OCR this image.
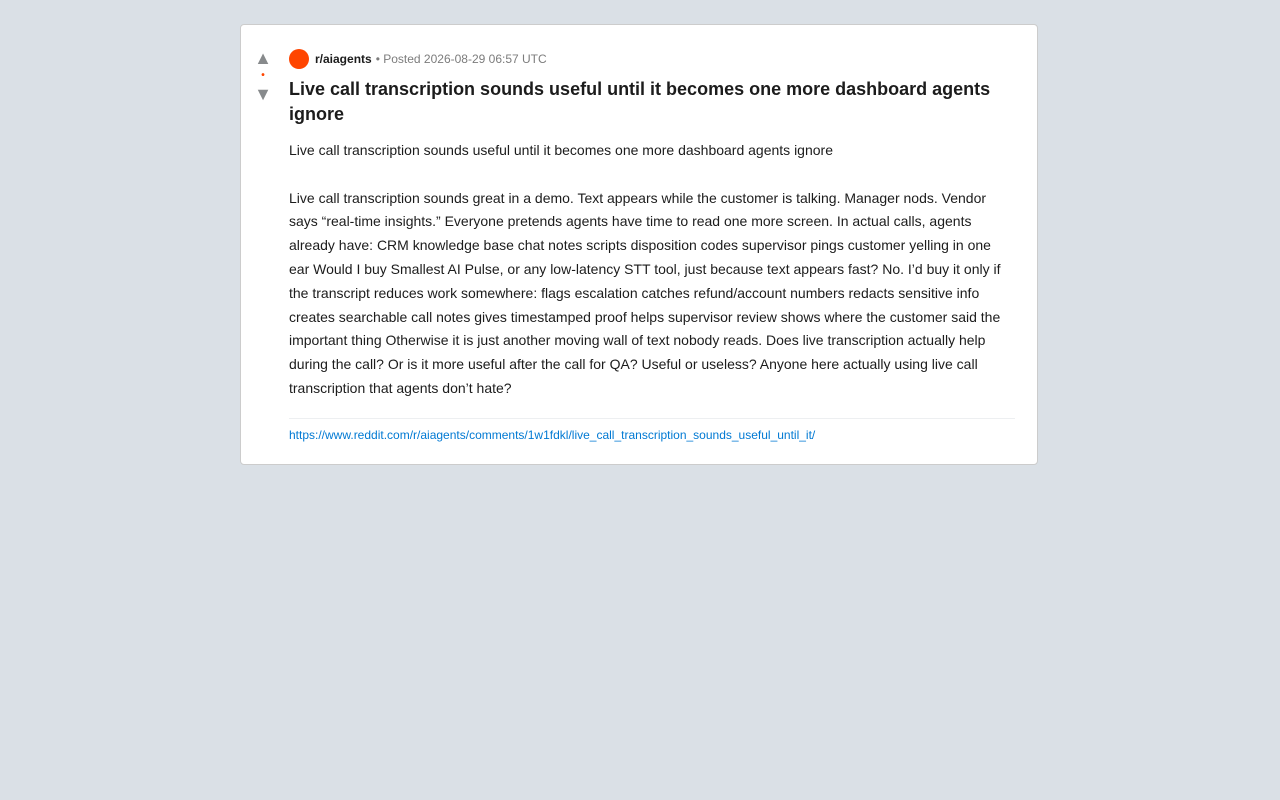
▲
•
▼
r/aiagents • Posted 2026-08-29 06:57 UTC
Live call transcription sounds useful until it becomes one more dashboard agents ignore
Live call transcription sounds useful until it becomes one more dashboard agents ignore

Live call transcription sounds great in a demo. Text appears while the customer is talking. Manager nods. Vendor says “real-time insights.” Everyone pretends agents have time to read one more screen. In actual calls, agents already have: CRM knowledge base chat notes scripts disposition codes supervisor pings customer yelling in one ear Would I buy Smallest AI Pulse, or any low-latency STT tool, just because text appears fast? No. I’d buy it only if the transcript reduces work somewhere: flags escalation catches refund/account numbers redacts sensitive info creates searchable call notes gives timestamped proof helps supervisor review shows where the customer said the important thing Otherwise it is just another moving wall of text nobody reads. Does live transcription actually help during the call? Or is it more useful after the call for QA? Useful or useless? Anyone here actually using live call transcription that agents don’t hate?
https://www.reddit.com/r/aiagents/comments/1w1fdkl/live_call_transcription_sounds_useful_until_it/
